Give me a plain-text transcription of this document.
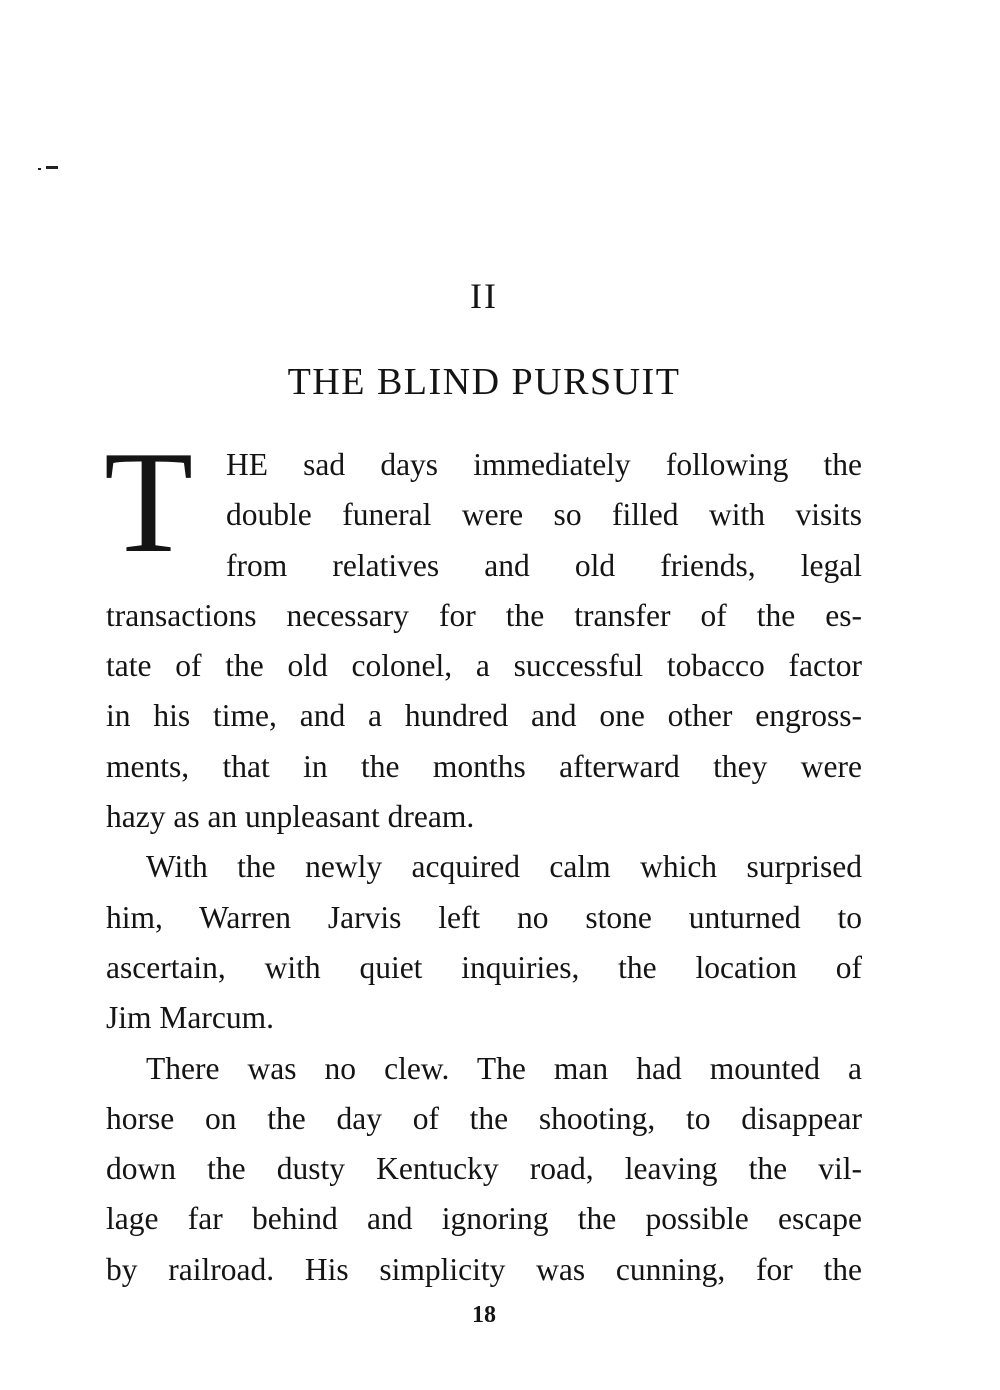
II
THE BLIND PURSUIT
T	HE sad days immediately following the
double funeral were so filled with visits
from relatives and old friends, legal
transactions necessary for the transfer of the es-
tate of the old colonel, a successful tobacco factor
in his time, and a hundred and one other engross-
ments, that in the months afterward they were
hazy as an unpleasant dream.
With the newly acquired calm which surprised
him, Warren Jarvis left no stone unturned to
ascertain, with quiet inquiries, the location of
Jim Marcum.
There was no clew. The man had mounted a
horse on the day of the shooting, to disappear
down the dusty Kentucky road, leaving the vil-
lage far behind and ignoring the possible escape
by railroad. His simplicity was cunning, for the
18
